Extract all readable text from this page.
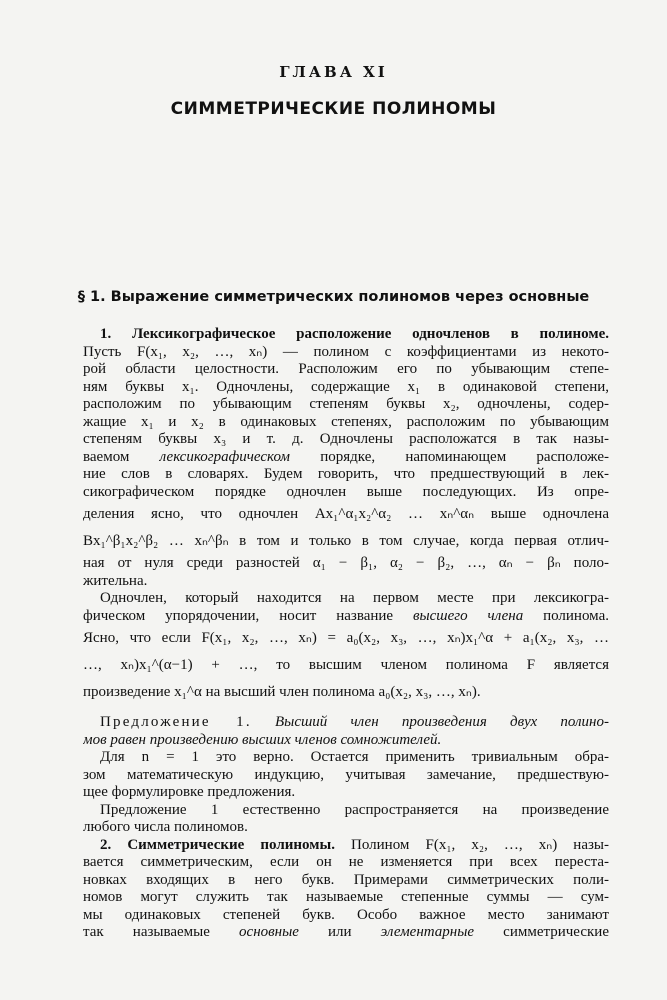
ГЛАВА XI
СИММЕТРИЧЕСКИЕ ПОЛИНОМЫ
§ 1. Выражение симметрических полиномов через основные
1. Лексикографическое расположение одночленов в полиноме.
Пусть F(x₁, x₂, …, xₙ) — полином с коэффициентами из некото-
рой области целостности. Расположим его по убывающим степе-
ням буквы x₁. Одночлены, содержащие x₁ в одинаковой степени,
расположим по убывающим степеням буквы x₂, одночлены, содер-
жащие x₁ и x₂ в одинаковых степенях, расположим по убывающим
степеням буквы x₃ и т. д. Одночлены расположатся в так назы-
ваемом лексикографическом порядке, напоминающем расположе-
ние слов в словарях. Будем говорить, что предшествующий в лек-
сикографическом порядке одночлен выше последующих. Из опре-
деления ясно, что одночлен Ax₁^α₁x₂^α₂ … xₙ^αₙ выше одночлена
Bx₁^β₁x₂^β₂ … xₙ^βₙ в том и только в том случае, когда первая отлич-
ная от нуля среди разностей α₁ − β₁, α₂ − β₂, …, αₙ − βₙ поло-
жительна.
Одночлен, который находится на первом месте при лексикогра-
фическом упорядочении, носит название высшего члена полинома.
Ясно, что если F(x₁, x₂, …, xₙ) = a₀(x₂, x₃, …, xₙ)x₁^α + a₁(x₂, x₃, …
…, xₙ)x₁^(α−1) + …, то высшим членом полинома F является
произведение x₁^α на высший член полинома a₀(x₂, x₃, …, xₙ).
Предложение 1. Высший член произведения двух полино-
мов равен произведению высших членов сомножителей.
Для n = 1 это верно. Остается применить тривиальным обра-
зом математическую индукцию, учитывая замечание, предшествую-
щее формулировке предложения.
Предложение 1 естественно распространяется на произведение
любого числа полиномов.
2. Симметрические полиномы. Полином F(x₁, x₂, …, xₙ) назы-
вается симметрическим, если он не изменяется при всех переста-
новках входящих в него букв. Примерами симметрических поли-
номов могут служить так называемые степенные суммы — сум-
мы одинаковых степеней букв. Особо важное место занимают
так называемые основные или элементарные симметрические
